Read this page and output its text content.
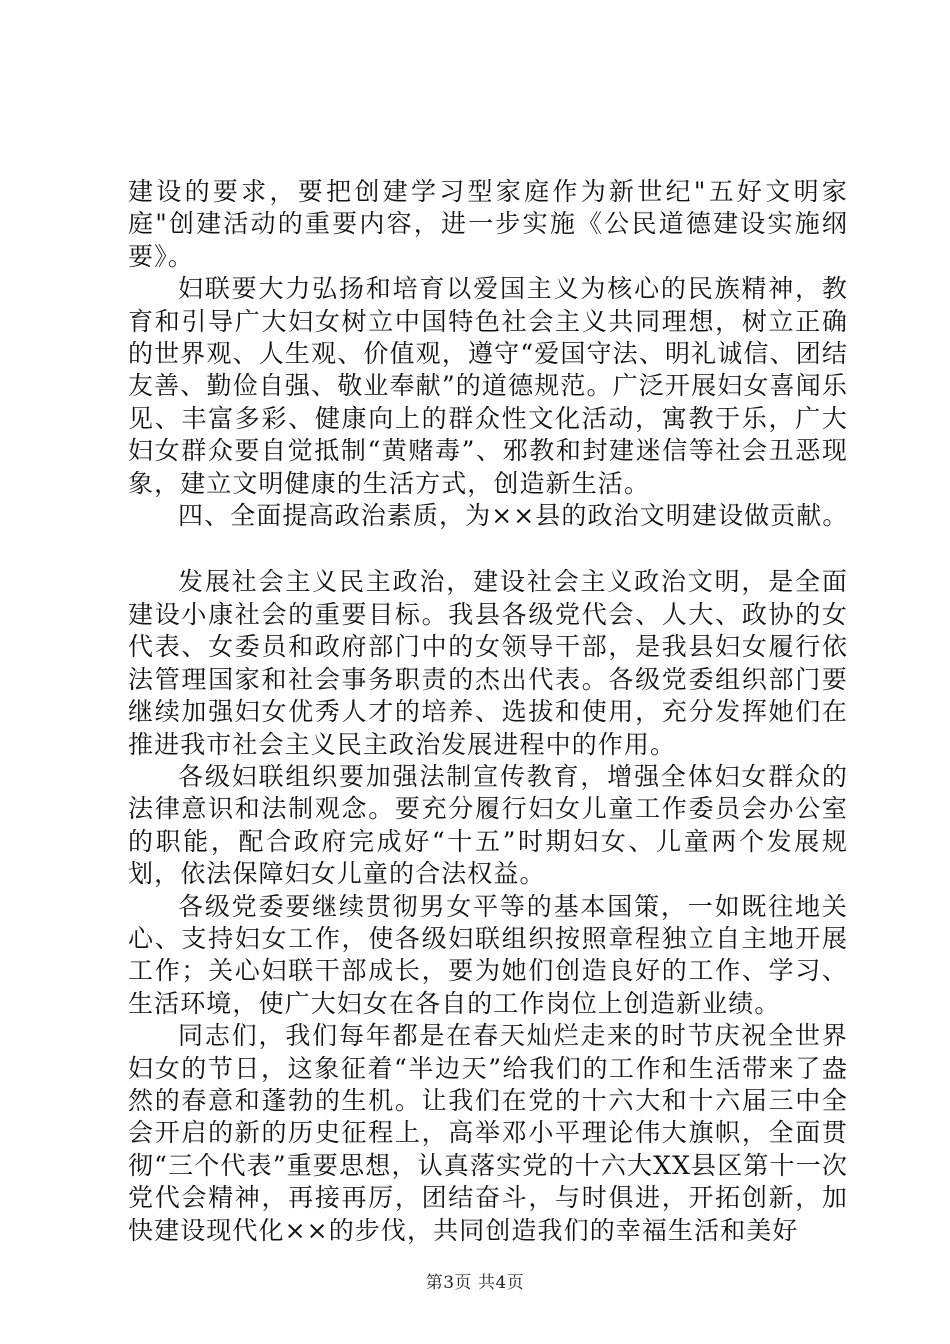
建设的要求，要把创建学习型家庭作为新世纪"五好文明家庭"创建活动的重要内容，进一步实施《公民道德建设实施纲要》。

妇联要大力弘扬和培育以爱国主义为核心的民族精神，教育和引导广大妇女树立中国特色社会主义共同理想，树立正确的世界观、人生观、价值观，遵守“爱国守法、明礼诚信、团结友善、勤俭自强、敬业奉献”的道德规范。广泛开展妇女喜闻乐见、丰富多彩、健康向上的群众性文化活动，寓教于乐，广大妇女群众要自觉抵制“黄赌毒”、邪教和封建迷信等社会丑恶现象，建立文明健康的生活方式，创造新生活。

四、全面提高政治素质，为××县的政治文明建设做贡献。

发展社会主义民主政治，建设社会主义政治文明，是全面建设小康社会的重要目标。我县各级党代会、人大、政协的女代表、女委员和政府部门中的女领导干部，是我县妇女履行依法管理国家和社会事务职责的杰出代表。各级党委组织部门要继续加强妇女优秀人才的培养、选拔和使用，充分发挥她们在推进我市社会主义民主政治发展进程中的作用。

各级妇联组织要加强法制宣传教育，增强全体妇女群众的法律意识和法制观念。要充分履行妇女儿童工作委员会办公室的职能，配合政府完成好“十五”时期妇女、儿童两个发展规划，依法保障妇女儿童的合法权益。

各级党委要继续贯彻男女平等的基本国策，一如既往地关心、支持妇女工作，使各级妇联组织按照章程独立自主地开展工作；关心妇联干部成长，要为她们创造良好的工作、学习、生活环境，使广大妇女在各自的工作岗位上创造新业绩。

同志们，我们每年都是在春天灿烂走来的时节庆祝全世界妇女的节日，这象征着“半边天”给我们的工作和生活带来了盎然的春意和蓬勃的生机。让我们在党的十六大和十六届三中全会开启的新的历史征程上，高举邓小平理论伟大旗帜，全面贯彻“三个代表”重要思想，认真落实党的十六大XX县区第十一次党代会精神，再接再厉，团结奋斗，与时俱进，开拓创新，加快建设现代化××的步伐，共同创造我们的幸福生活和美好

第3页 共4页
